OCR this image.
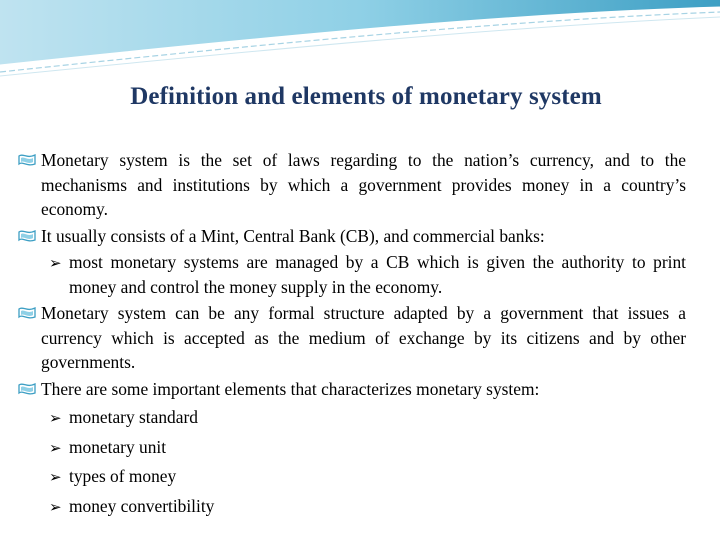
Definition and elements of monetary system
Monetary system is the set of laws regarding to the nation’s currency, and to the mechanisms and institutions by which a government provides money in a country’s economy.
It usually consists of a Mint, Central Bank (CB), and commercial banks:
➢ most monetary systems are managed by a CB which is given the authority to print money and control the money supply in the economy.
Monetary system can be any formal structure adapted by a government that issues a currency which is accepted as the medium of exchange by its citizens and by other governments.
There are some important elements that characterizes monetary system:
➢ monetary standard
➢ monetary unit
➢ types of money
➢ money convertibility
